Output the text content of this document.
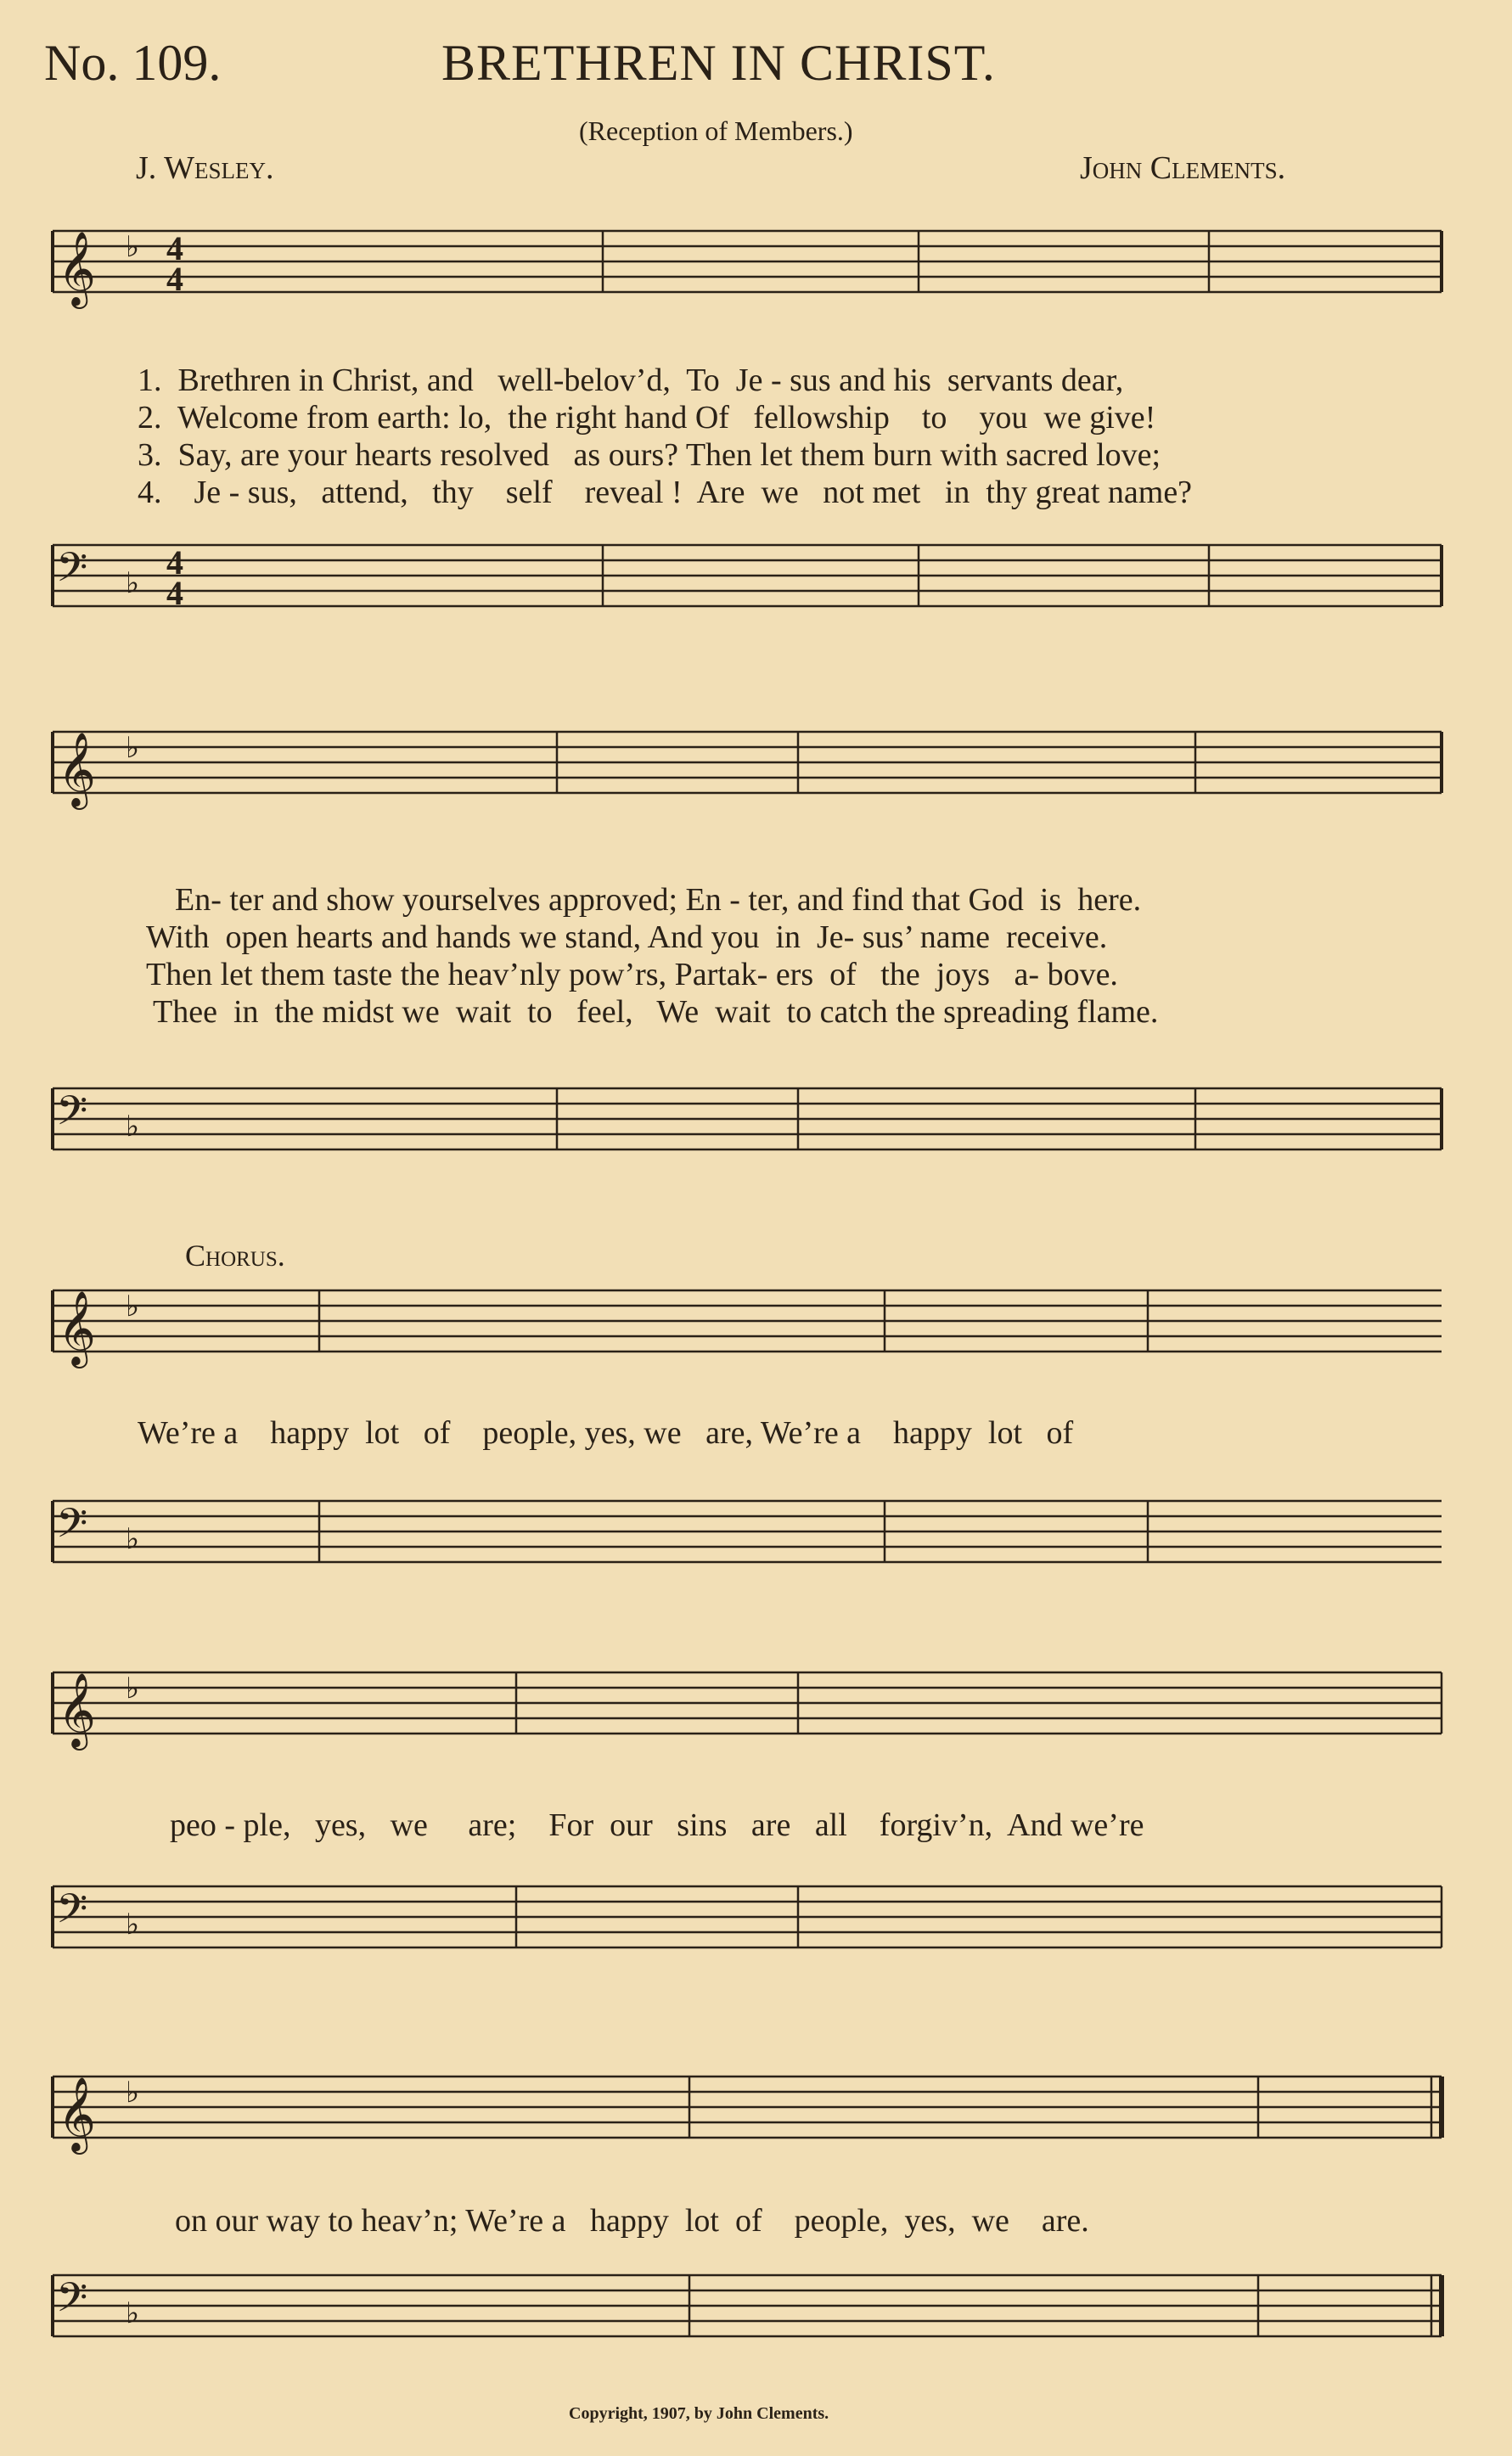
No. 109.	BRETHREN IN CHRIST.
(Reception of Members.)
J. Wesley.	John Clements.
𝄞 ♭ 4
4
𝄢 ♭
4
4
1.  Brethren in Christ, and   well-belov’d,  To  Je - sus and his  servants dear,
2.  Welcome from earth: lo,  the right hand Of   fellowship    to    you  we give!
3.  Say, are your hearts resolved   as ours? Then let them burn with sacred love;
4.    Je - sus,   attend,   thy    self    reveal !  Are  we   not met   in  thy great name?
𝄞 ♭
En- ter and show yourselves approved; En - ter, and find that God  is  here.
With  open hearts and hands we stand, And you  in  Je- sus’ name  receive.
Then let them taste the heav’nly pow’rs, Partak- ers  of   the  joys   a- bove.
Thee  in  the midst we  wait  to   feel,   We  wait  to catch the spreading flame.
𝄢 ♭
Chorus.
𝄞 ♭
We’re a    happy  lot   of    people, yes, we   are, We’re a    happy  lot   of
𝄢 ♭
𝄞 ♭
peo - ple,   yes,   we     are;    For  our   sins   are   all    forgiv’n,  And we’re
𝄢 ♭
𝄞 ♭
on our way to heav’n; We’re a   happy  lot  of    people,  yes,  we    are.
𝄢 ♭
Copyright, 1907, by John Clements.
